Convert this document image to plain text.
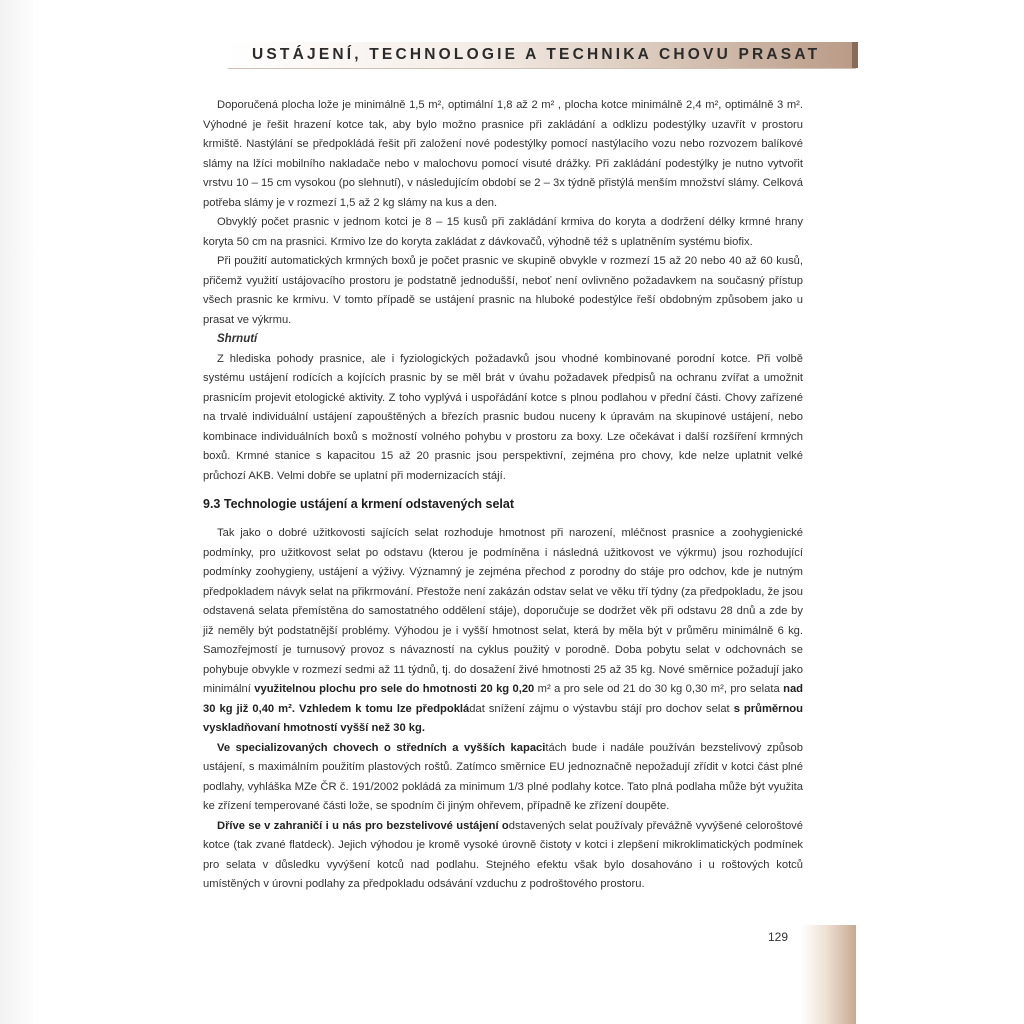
USTÁJENÍ, TECHNOLOGIE A TECHNIKA CHOVU PRASAT

Doporučená plocha lože je minimálně 1,5 m², optimální 1,8 až 2 m² , plocha kotce minimálně 2,4 m², optimálně 3 m². Výhodné je řešit hrazení kotce tak, aby bylo možno prasnice při zakládání a odklizu podestýlky uzavřít v prostoru krmiště. Nastýlání se předpokládá řešit při založení nové podestýlky pomocí nastýlacího vozu nebo rozvozem balíkové slámy na lžíci mobilního nakladače nebo v malochovu pomocí visuté drážky. Při zakládání podestýlky je nutno vytvořit vrstvu 10 – 15 cm vysokou (po slehnutí), v následujícím období se 2 – 3x týdně přistýlá menším množství slámy. Celková potřeba slámy je v rozmezí 1,5 až 2 kg slámy na kus a den.

Obvyklý počet prasnic v jednom kotci je 8 – 15 kusů při zakládání krmiva do koryta a dodržení délky krmné hrany koryta 50 cm na prasnici. Krmivo lze do koryta zakládat z dávkovačů, výhodně též s uplatněním systému biofix.

Při použití automatických krmných boxů je počet prasnic ve skupině obvykle v rozmezí 15 až 20 nebo 40 až 60 kusů, přičemž využití ustájovacího prostoru je podstatně jednodušší, neboť není ovlivněno požadavkem na současný přístup všech prasnic ke krmivu. V tomto případě se ustájení prasnic na hluboké podestýlce řeší obdobným způsobem jako u prasat ve výkrmu.

Shrnutí

Z hlediska pohody prasnice, ale i fyziologických požadavků jsou vhodné kombinované porodní kotce. Při volbě systému ustájení rodících a kojících prasnic by se měl brát v úvahu požadavek předpisů na ochranu zvířat a umožnit prasnicím projevit etologické aktivity. Z toho vyplývá i uspořádání kotce s plnou podlahou v přední části. Chovy zařízené na trvalé individuální ustájení zapouštěných a březích prasnic budou nuceny k úpravám na skupinové ustájení, nebo kombinace individuálních boxů s možností volného pohybu v prostoru za boxy. Lze očekávat i další rozšíření krmných boxů. Krmné stanice s kapacitou 15 až 20 prasnic jsou perspektivní, zejména pro chovy, kde nelze uplatnit velké průchozí AKB. Velmi dobře se uplatní při modernizacích stájí.

9.3 Technologie ustájení a krmení odstavených selat

Tak jako o dobré užitkovosti sajících selat rozhoduje hmotnost při narození, mléčnost prasnice a zoohygienické podmínky, pro užitkovost selat po odstavu (kterou je podmíněna i následná užitkovost ve výkrmu) jsou rozhodující podmínky zoohygieny, ustájení a výživy. Významný je zejména přechod z porodny do stáje pro odchov, kde je nutným předpokladem návyk selat na přikrmování. Přestože není zakázán odstav selat ve věku tří týdny (za předpokladu, že jsou odstavená selata přemístěna do samostatného oddělení stáje), doporučuje se dodržet věk při odstavu 28 dnů a zde by již neměly být podstatnější problémy. Výhodou je i vyšší hmotnost selat, která by měla být v průměru minimálně 6 kg. Samozřejmostí je turnusový provoz s návazností na cyklus použitý v porodně. Doba pobytu selat v odchovnách se pohybuje obvykle v rozmezí sedmi až 11 týdnů, tj. do dosažení živé hmotnosti 25 až 35 kg. Nové směrnice požadují jako minimální využitelnou plochu pro sele do hmotnosti 20 kg 0,20 m² a pro sele od 21 do 30 kg 0,30 m², pro selata nad 30 kg již 0,40 m². Vzhledem k tomu lze předpokládat snížení zájmu o výstavbu stájí pro dochov selat s průměrnou vyskladňovaní hmotností vyšší než 30 kg.

Ve specializovaných chovech o středních a vyšších kapacitách bude i nadále používán bezstelivový způsob ustájení, s maximálním použitím plastových roštů. Zatímco směrnice EU jednoznačně nepožadují zřídit v kotci část plné podlahy, vyhláška MZe ČR č. 191/2002 pokládá za minimum 1/3 plné podlahy kotce. Tato plná podlaha může být využita ke zřízení temperované části lože, se spodním či jiným ohřevem, případně ke zřízení doupěte.

Dříve se v zahraničí i u nás pro bezstelivové ustájení odstavených selat používaly převážně vyvýšené celoroštové kotce (tak zvané flatdeck). Jejich výhodou je kromě vysoké úrovně čistoty v kotci i zlepšení mikroklimatických podmínek pro selata v důsledku vyvýšení kotců nad podlahu. Stejného efektu však bylo dosahováno i u roštových kotců umístěných v úrovni podlahy za předpokladu odsávání vzduchu z podroštového prostoru.

129
